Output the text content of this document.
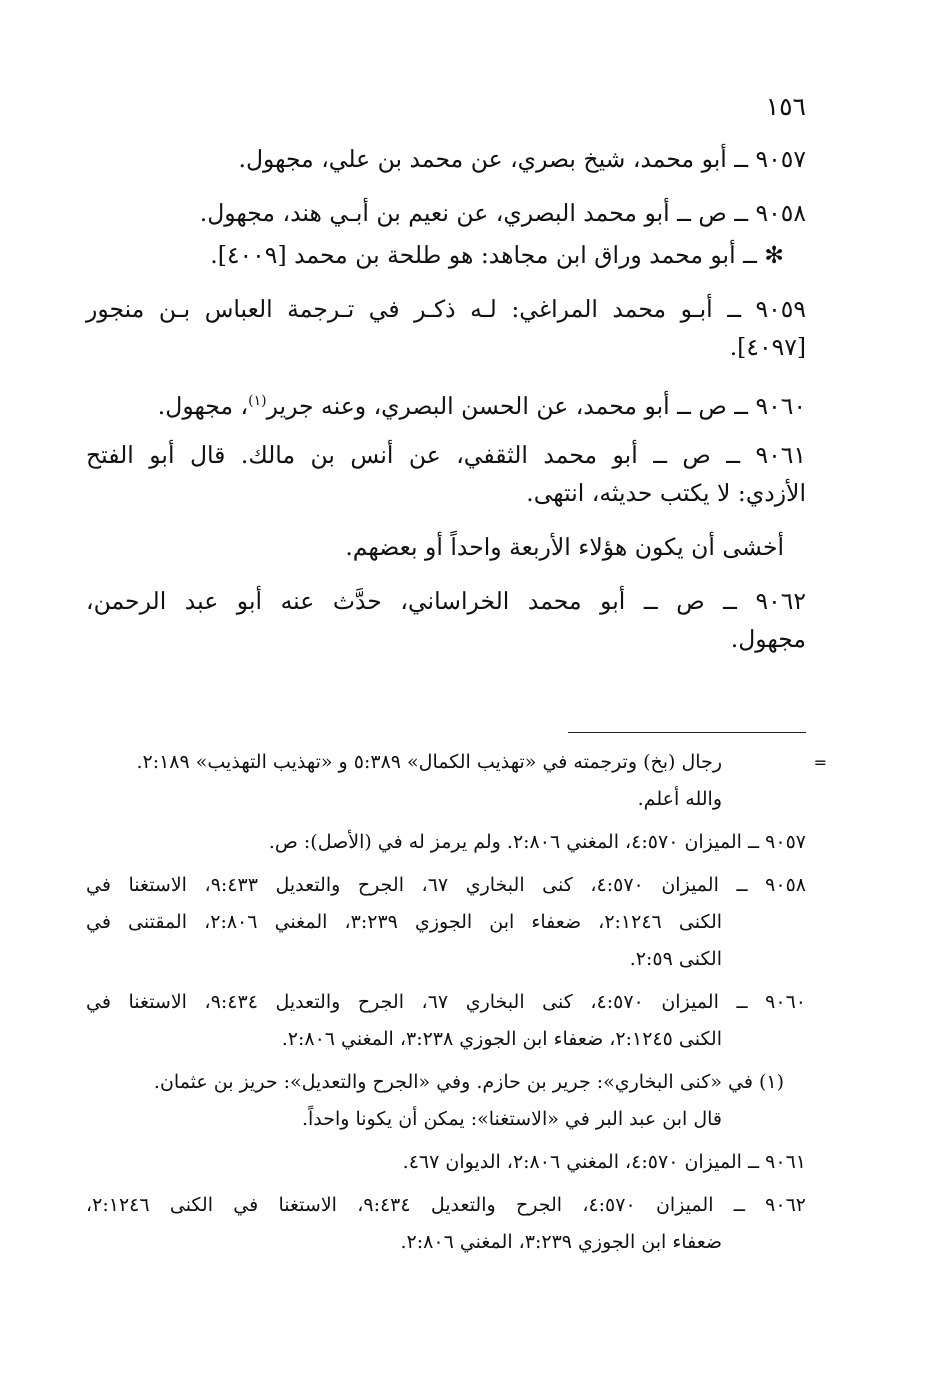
١٥٦
٩٠٥٧ ــ أبو محمد، شيخ بصري، عن محمد بن علي، مجهول.
٩٠٥٨ ــ ص ــ أبو محمد البصري، عن نعيم بن أبـي هند، مجهول.
✻ ــ أبو محمد وراق ابن مجاهد: هو طلحة بن محمد [٤٠٠٩].
٩٠٥٩ ــ أبـو محمد المراغي: لـه ذكـر في تـرجمة العباس بـن منجور
[٤٠٩٧].
٩٠٦٠ ــ ص ــ أبو محمد، عن الحسن البصري، وعنه جرير$^{(١)}$، مجهول.
٩٠٦١ ــ ص ــ أبو محمد الثقفي، عن أنس بن مالك. قال أبو الفتح
الأزدي: لا يكتب حديثه، انتهى.
أخشى أن يكون هؤلاء الأربعة واحداً أو بعضهم.
٩٠٦٢ ــ ص ــ أبو محمد الخراساني، حدَّث عنه أبو عبد الرحمن،
مجهول.
=
رجال (بخ) وترجمته في «تهذيب الكمال» ٥:٣٨٩ و «تهذيب التهذيب» ٢:١٨٩.
والله أعلم.
٩٠٥٧ ــ الميزان ٤:٥٧٠، المغني ٢:٨٠٦. ولم يرمز له في (الأصل): ص.
٩٠٥٨ ــ الميزان ٤:٥٧٠، كنى البخاري ٦٧، الجرح والتعديل ٩:٤٣٣، الاستغنا في
الكنى ٢:١٢٤٦، ضعفاء ابن الجوزي ٣:٢٣٩، المغني ٢:٨٠٦، المقتنى في
الكنى ٢:٥٩.
٩٠٦٠ ــ الميزان ٤:٥٧٠، كنى البخاري ٦٧، الجرح والتعديل ٩:٤٣٤، الاستغنا في
الكنى ٢:١٢٤٥، ضعفاء ابن الجوزي ٣:٢٣٨، المغني ٢:٨٠٦.
(١) في «كنى البخاري»: جرير بن حازم. وفي «الجرح والتعديل»: حريز بن عثمان.
قال ابن عبد البر في «الاستغنا»: يمكن أن يكونا واحداً.
٩٠٦١ ــ الميزان ٤:٥٧٠، المغني ٢:٨٠٦، الديوان ٤٦٧.
٩٠٦٢ ــ الميزان ٤:٥٧٠، الجرح والتعديل ٩:٤٣٤، الاستغنا في الكنى ٢:١٢٤٦،
ضعفاء ابن الجوزي ٣:٢٣٩، المغني ٢:٨٠٦.
